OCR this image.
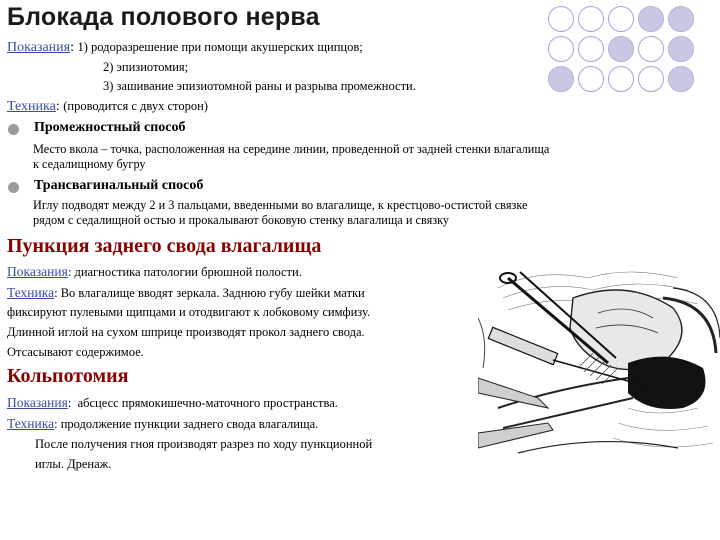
Блокада полового нерва
Показания: 1) родоразрешение при помощи акушерских щипцов;
2) эпизиотомия;
3) зашивание эпизиотомной раны и разрыва промежности.
Техника: (проводится с двух сторон)
Промежностный способ
Место вкола – точка, расположенная на середине линии, проведенной от задней стенки влагалища
к седалищному бугру
Трансвагинальный способ
Иглу подводят между 2 и 3 пальцами, введенными во влагалище, к крестцово-остистой связке
рядом с седалищной остью и прокалывают боковую стенку влагалища и связку
Пункция заднего свода влагалища
Показания: диагностика патологии брюшной полости.
Техника: Во влагалище вводят зеркала. Заднюю губу шейки матки
фиксируют пулевыми щипцами и отодвигают к лобковому симфизу.
Длинной иглой на сухом шприце производят прокол заднего свода.
Отсасывают содержимое.
Кольпотомия
Показания:  абсцесс прямокишечно-маточного пространства.
Техника: продолжение пункции заднего свода влагалища.
После получения гноя производят разрез по ходу пункционной
иглы. Дренаж.
